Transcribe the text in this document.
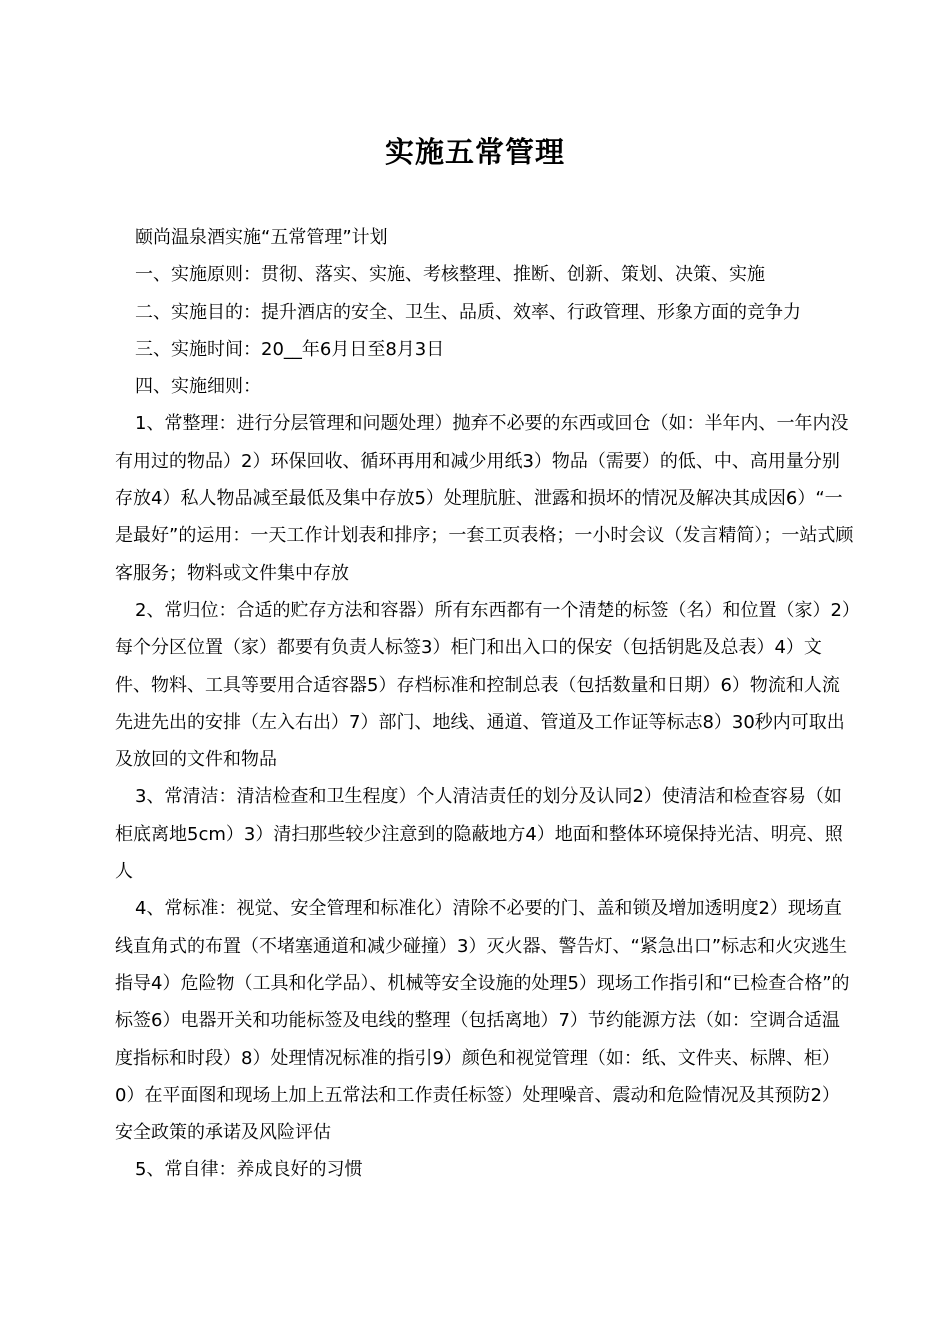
实施五常管理

颐尚温泉酒实施“五常管理”计划

一、实施原则：贯彻、落实、实施、考核整理、推断、创新、策划、决策、实施

二、实施目的：提升酒店的安全、卫生、品质、效率、行政管理、形象方面的竞争力

三、实施时间：20__年6月日至8月3日

四、实施细则：

1、常整理：进行分层管理和问题处理）抛弃不必要的东西或回仓（如：半年内、一年内没有用过的物品）2）环保回收、循环再用和减少用纸3）物品（需要）的低、中、高用量分别存放4）私人物品减至最低及集中存放5）处理肮脏、泄露和损坏的情况及解决其成因6）“一是最好”的运用：一天工作计划表和排序；一套工页表格；一小时会议（发言精简）；一站式顾客服务；物料或文件集中存放

2、常归位：合适的贮存方法和容器）所有东西都有一个清楚的标签（名）和位置（家）2）每个分区位置（家）都要有负责人标签3）柜门和出入口的保安（包括钥匙及总表）4）文件、物料、工具等要用合适容器5）存档标准和控制总表（包括数量和日期）6）物流和人流先进先出的安排（左入右出）7）部门、地线、通道、管道及工作证等标志8）30秒内可取出及放回的文件和物品

3、常清洁：清洁检查和卫生程度）个人清洁责任的划分及认同2）使清洁和检查容易（如柜底离地5cm）3）清扫那些较少注意到的隐蔽地方4）地面和整体环境保持光洁、明亮、照人

4、常标准：视觉、安全管理和标准化）清除不必要的门、盖和锁及增加透明度2）现场直线直角式的布置（不堵塞通道和减少碰撞）3）灭火器、警告灯、“紧急出口”标志和火灾逃生指导4）危险物（工具和化学品）、机械等安全设施的处理5）现场工作指引和“已检查合格”的标签6）电器开关和功能标签及电线的整理（包括离地）7）节约能源方法（如：空调合适温度指标和时段）8）处理情况标准的指引9）颜色和视觉管理（如：纸、文件夹、标牌、柜）0）在平面图和现场上加上五常法和工作责任标签）处理噪音、震动和危险情况及其预防2）安全政策的承诺及风险评估

5、常自律：养成良好的习惯
